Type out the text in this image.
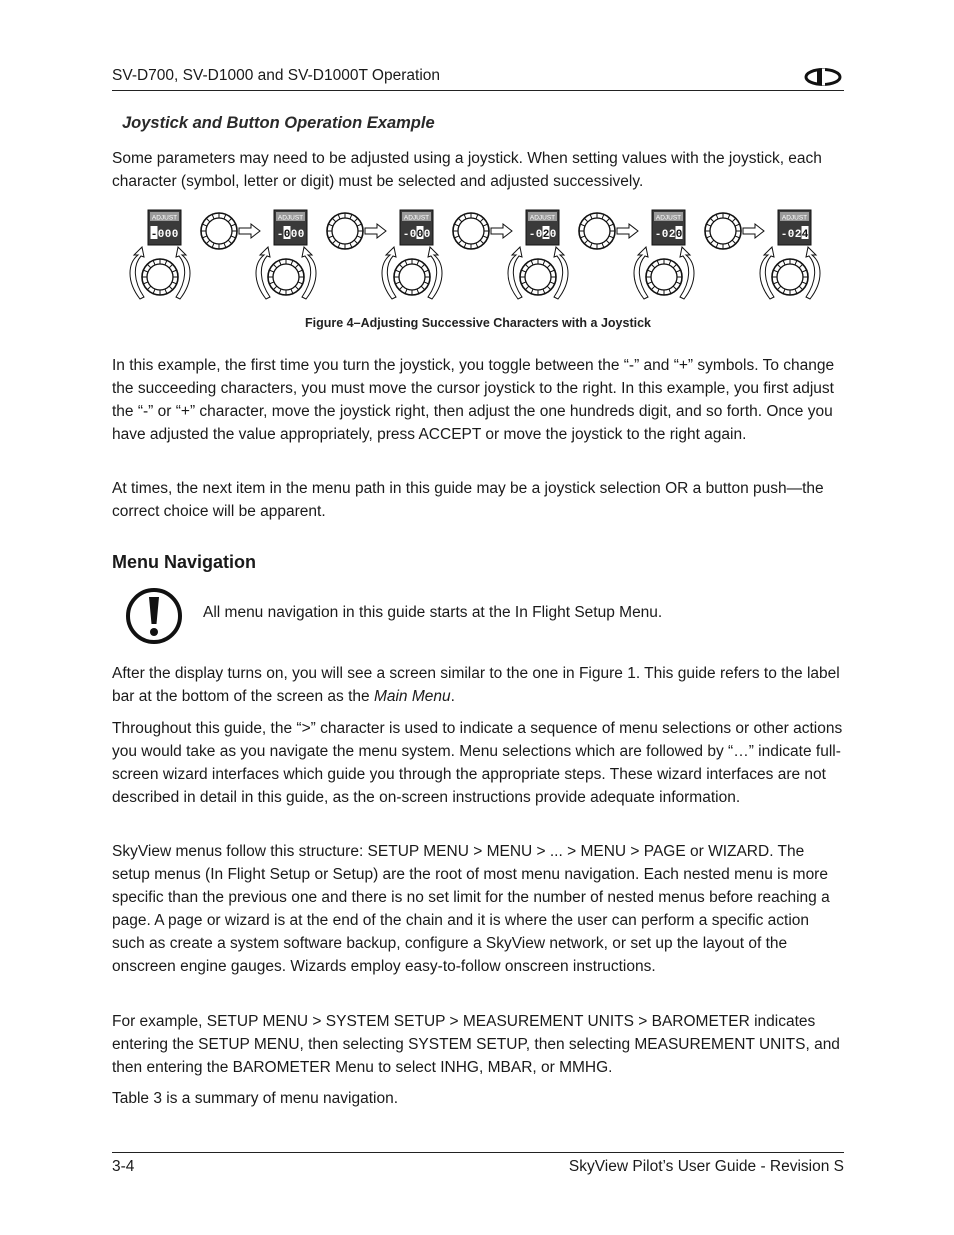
SV-D700, SV-D1000 and SV-D1000T Operation
Joystick and Button Operation Example

Some parameters may need to be adjusted using a joystick. When setting values with the joystick, each character (symbol, letter or digit) must be selected and adjusted successively.

ADJUST
- 0 0 0
ADJUST
- 0 0 0
ADJUST
- 0 0 0
ADJUST
- 0 2 0
ADJUST
- 0 2 0
ADJUST
- 0 2 4
Figure 4–Adjusting Successive Characters with a Joystick

In this example, the first time you turn the joystick, you toggle between the “-” and “+” symbols. To change the succeeding characters, you must move the cursor joystick to the right. In this example, you first adjust the “-” or “+” character, move the joystick right, then adjust the one hundreds digit, and so forth. Once you have adjusted the value appropriately, press ACCEPT or move the joystick to the right again.

At times, the next item in the menu path in this guide may be a joystick selection OR a button push—the correct choice will be apparent.

Menu Navigation
All menu navigation in this guide starts at the In Flight Setup Menu.

After the display turns on, you will see a screen similar to the one in Figure 1. This guide refers to the label bar at the bottom of the screen as the Main Menu.

Throughout this guide, the “>” character is used to indicate a sequence of menu selections or other actions you would take as you navigate the menu system. Menu selections which are followed by “…” indicate full-screen wizard interfaces which guide you through the appropriate steps. These wizard interfaces are not described in detail in this guide, as the on-screen instructions provide adequate information.

SkyView menus follow this structure: SETUP MENU > MENU > ... > MENU > PAGE or WIZARD. The setup menus (In Flight Setup or Setup) are the root of most menu navigation. Each nested menu is more specific than the previous one and there is no set limit for the number of nested menus before reaching a page. A page or wizard is at the end of the chain and it is where the user can perform a specific action such as create a system software backup, configure a SkyView network, or set up the layout of the onscreen engine gauges. Wizards employ easy-to-follow onscreen instructions.

For example, SETUP MENU > SYSTEM SETUP > MEASUREMENT UNITS > BAROMETER indicates entering the SETUP MENU, then selecting SYSTEM SETUP, then selecting MEASUREMENT UNITS, and then entering the BAROMETER Menu to select INHG, MBAR, or MMHG.

Table 3 is a summary of menu navigation.

3-4	SkyView Pilot’s User Guide - Revision S
